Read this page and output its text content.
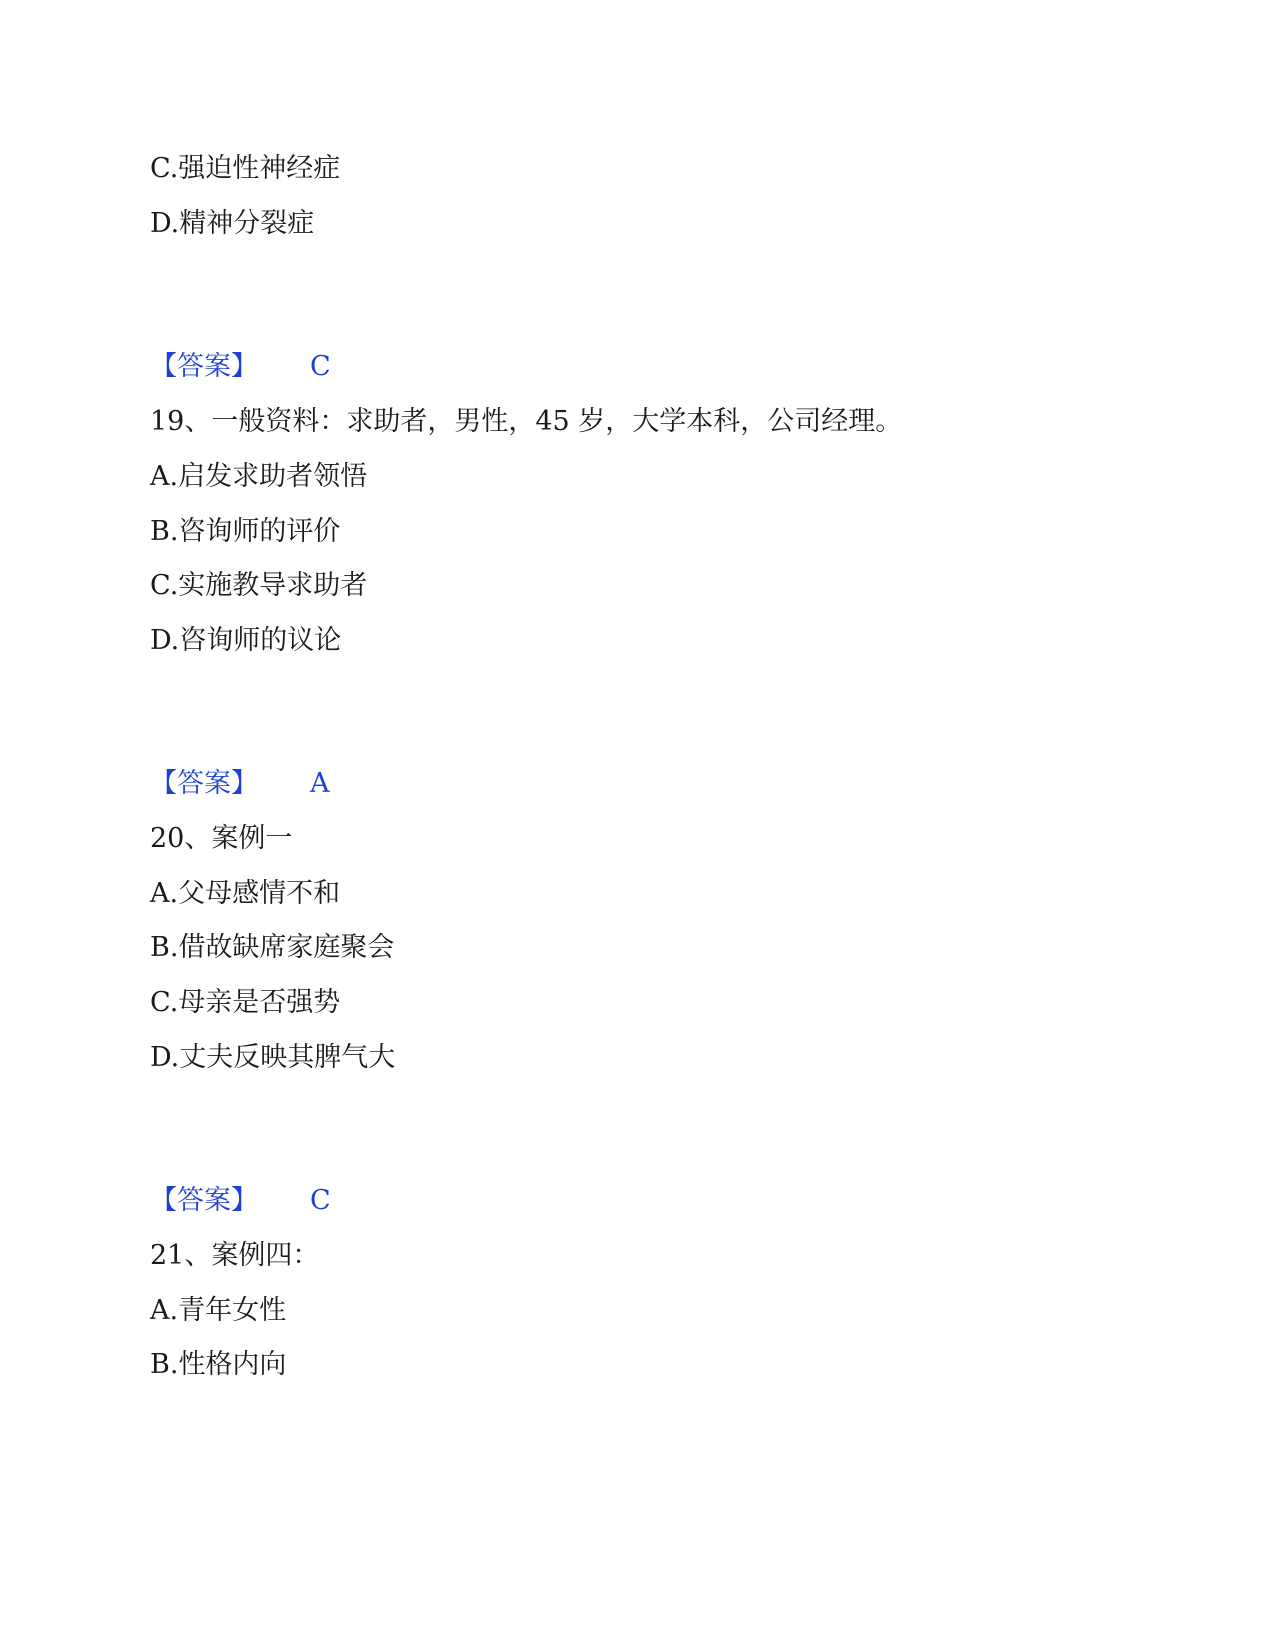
C.强迫性神经症
D.精神分裂症
【答案】 C
19、一般资料：求助者，男性，45 岁，大学本科，公司经理。
A.启发求助者领悟
B.咨询师的评价
C.实施教导求助者
D.咨询师的议论
【答案】 A
20、案例一
A.父母感情不和
B.借故缺席家庭聚会
C.母亲是否强势
D.丈夫反映其脾气大
【答案】 C
21、案例四：
A.青年女性
B.性格内向
